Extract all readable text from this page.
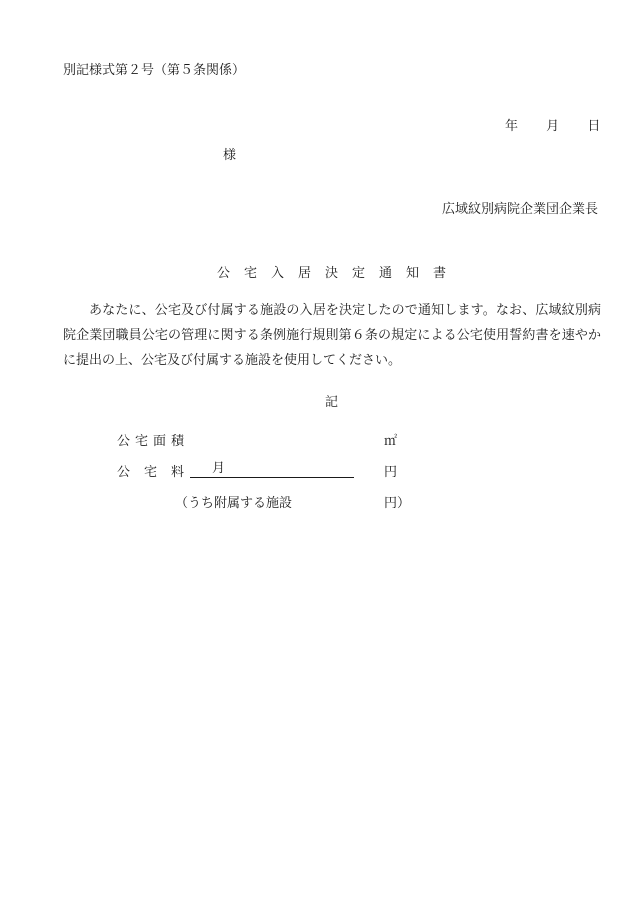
別記様式第２号（第５条関係）
年 月 日
様
広域紋別病院企業団企業長
公宅入居決定通知書
あなたに、公宅及び付属する施設の入居を決定したので通知します。なお、広域紋別病院企業団職員公宅の管理に関する条例施行規則第６条の規定による公宅使用誓約書を速やかに提出の上、公宅及び付属する施設を使用してください。
記
公宅面積	㎡
公宅料	月	円
（うち附属する施設	円）
